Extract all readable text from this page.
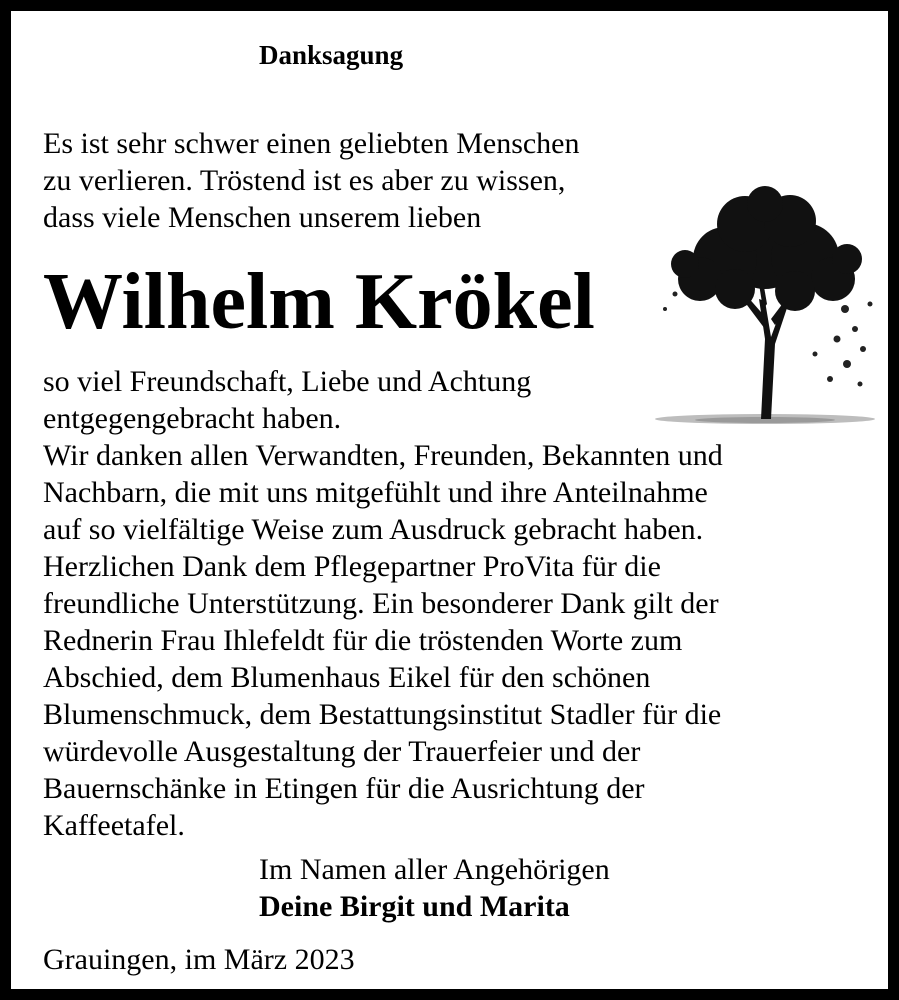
Danksagung
Es ist sehr schwer einen geliebten Menschen
zu verlieren. Tröstend ist es aber zu wissen,
dass viele Menschen unserem lieben
Wilhelm Krökel
so viel Freundschaft, Liebe und Achtung
entgegengebracht haben.
Wir danken allen Verwandten, Freunden, Bekannten und
Nachbarn, die mit uns mitgefühlt und ihre Anteilnahme
auf so vielfältige Weise zum Ausdruck gebracht haben.
Herzlichen Dank dem Pflegepartner ProVita für die
freundliche Unterstützung. Ein besonderer Dank gilt der
Rednerin Frau Ihlefeldt für die tröstenden Worte zum
Abschied, dem Blumenhaus Eikel für den schönen
Blumenschmuck, dem Bestattungsinstitut Stadler für die
würdevolle Ausgestaltung der Trauerfeier und der
Bauernschänke in Etingen für die Ausrichtung der
Kaffeetafel.
Im Namen aller Angehörigen
Deine Birgit und Marita
Grauingen, im März 2023
